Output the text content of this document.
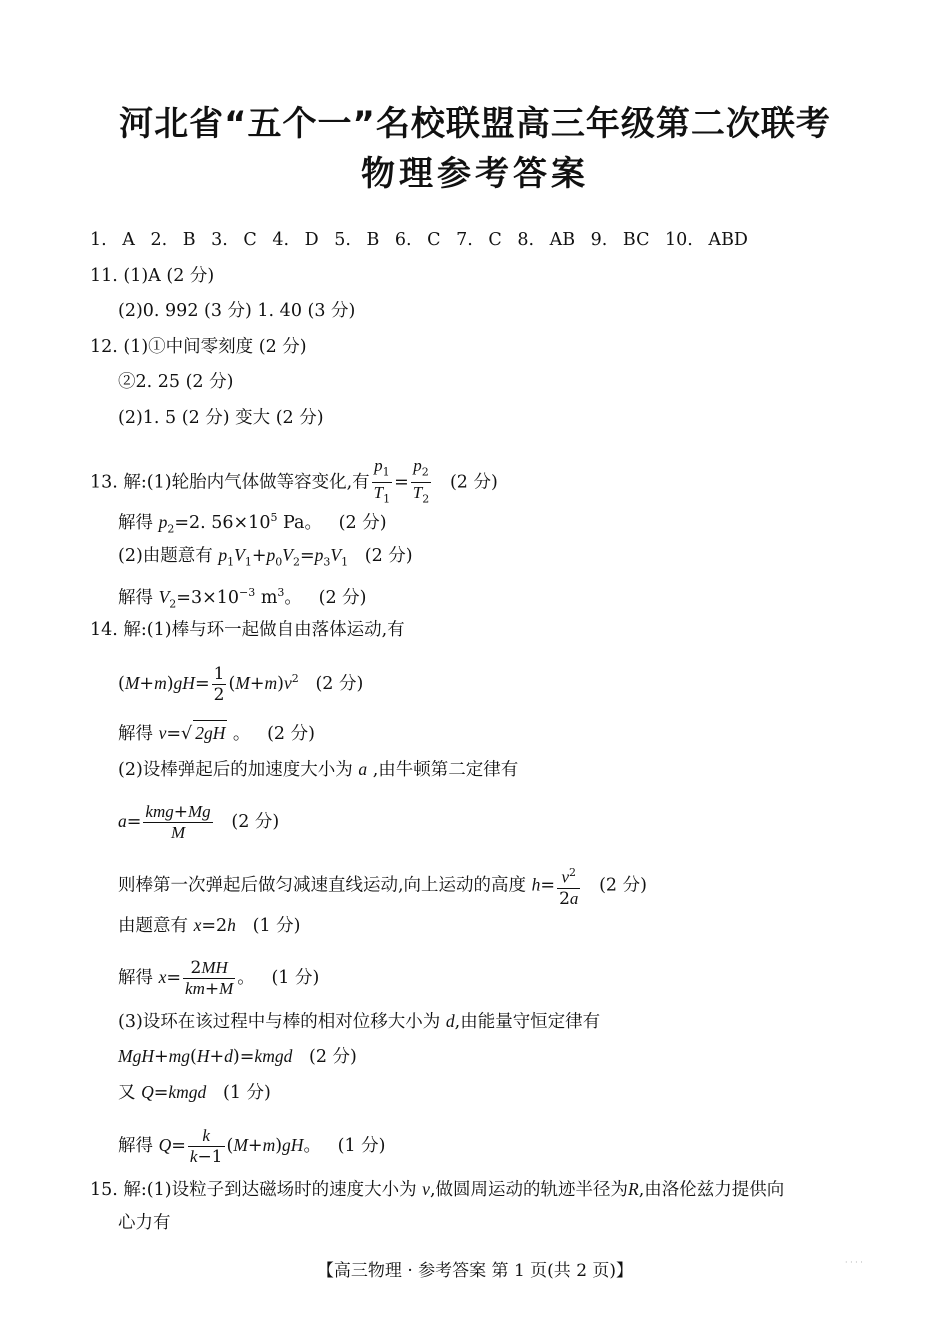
河北省“五个一”名校联盟高三年级第二次联考
物理参考答案
1. A 2. B 3. C 4. D 5. B 6. C 7. C 8. AB 9. BC 10. ABD
11. (1)A (2 分)
(2)0. 992 (3 分) 1. 40 (3 分)
12. (1)①中间零刻度 (2 分)
②2. 25 (2 分)
(2)1. 5 (2 分) 变大 (2 分)
13. 解:(1)轮胎内气体做等容变化,有 $\frac{p_1}{T_1} = \frac{p_2}{T_2} (2$ 分)
解得 $p_2=2$. $56\times 10^5$ Pa。 (2 分)
(2)由题意有 $p_1V_1+p_0V_2=p_3V_1$ (2 分)
解得 $V_2=3\times 10^{-3}$ $m^3$。 (2 分)
14. 解:(1)棒与环一起做自由落体运动,有
$(M+m)gH= \frac{1}{2} (M+m)v^2$ (2 分)
解得 v=√ 2gH 。   (2 分)
(2)设棒弹起后的加速度大小为 a ,由牛顿第二定律有
$a= \frac{\text{kmg+Mg}}{M} (2$ 分)
则棒第一次弹起后做匀减速直线运动,向上运动的高度 $h= \frac{v^2}{2a} (2$ 分)
由题意有 x=2h (1 分)
解得 $x= \frac{2MH}{km+M}$ 。   (1 分)
(3)设环在该过程中与棒的相对位移大小为 d,由能量守恒定律有
MgH+mg(H+d)=kmgd (2 分)
又 Q=kmgd (1 分)
解得 $Q= \frac{k}{k-1} (M+m)gH$。   (1 分)
15. 解:(1)设粒子到达磁场时的速度大小为 v,做圆周运动的轨迹半径为R,由洛伦兹力提供向
心力有
【高三物理 · 参考答案 第 1 页(共 2 页)】	· · · ·
